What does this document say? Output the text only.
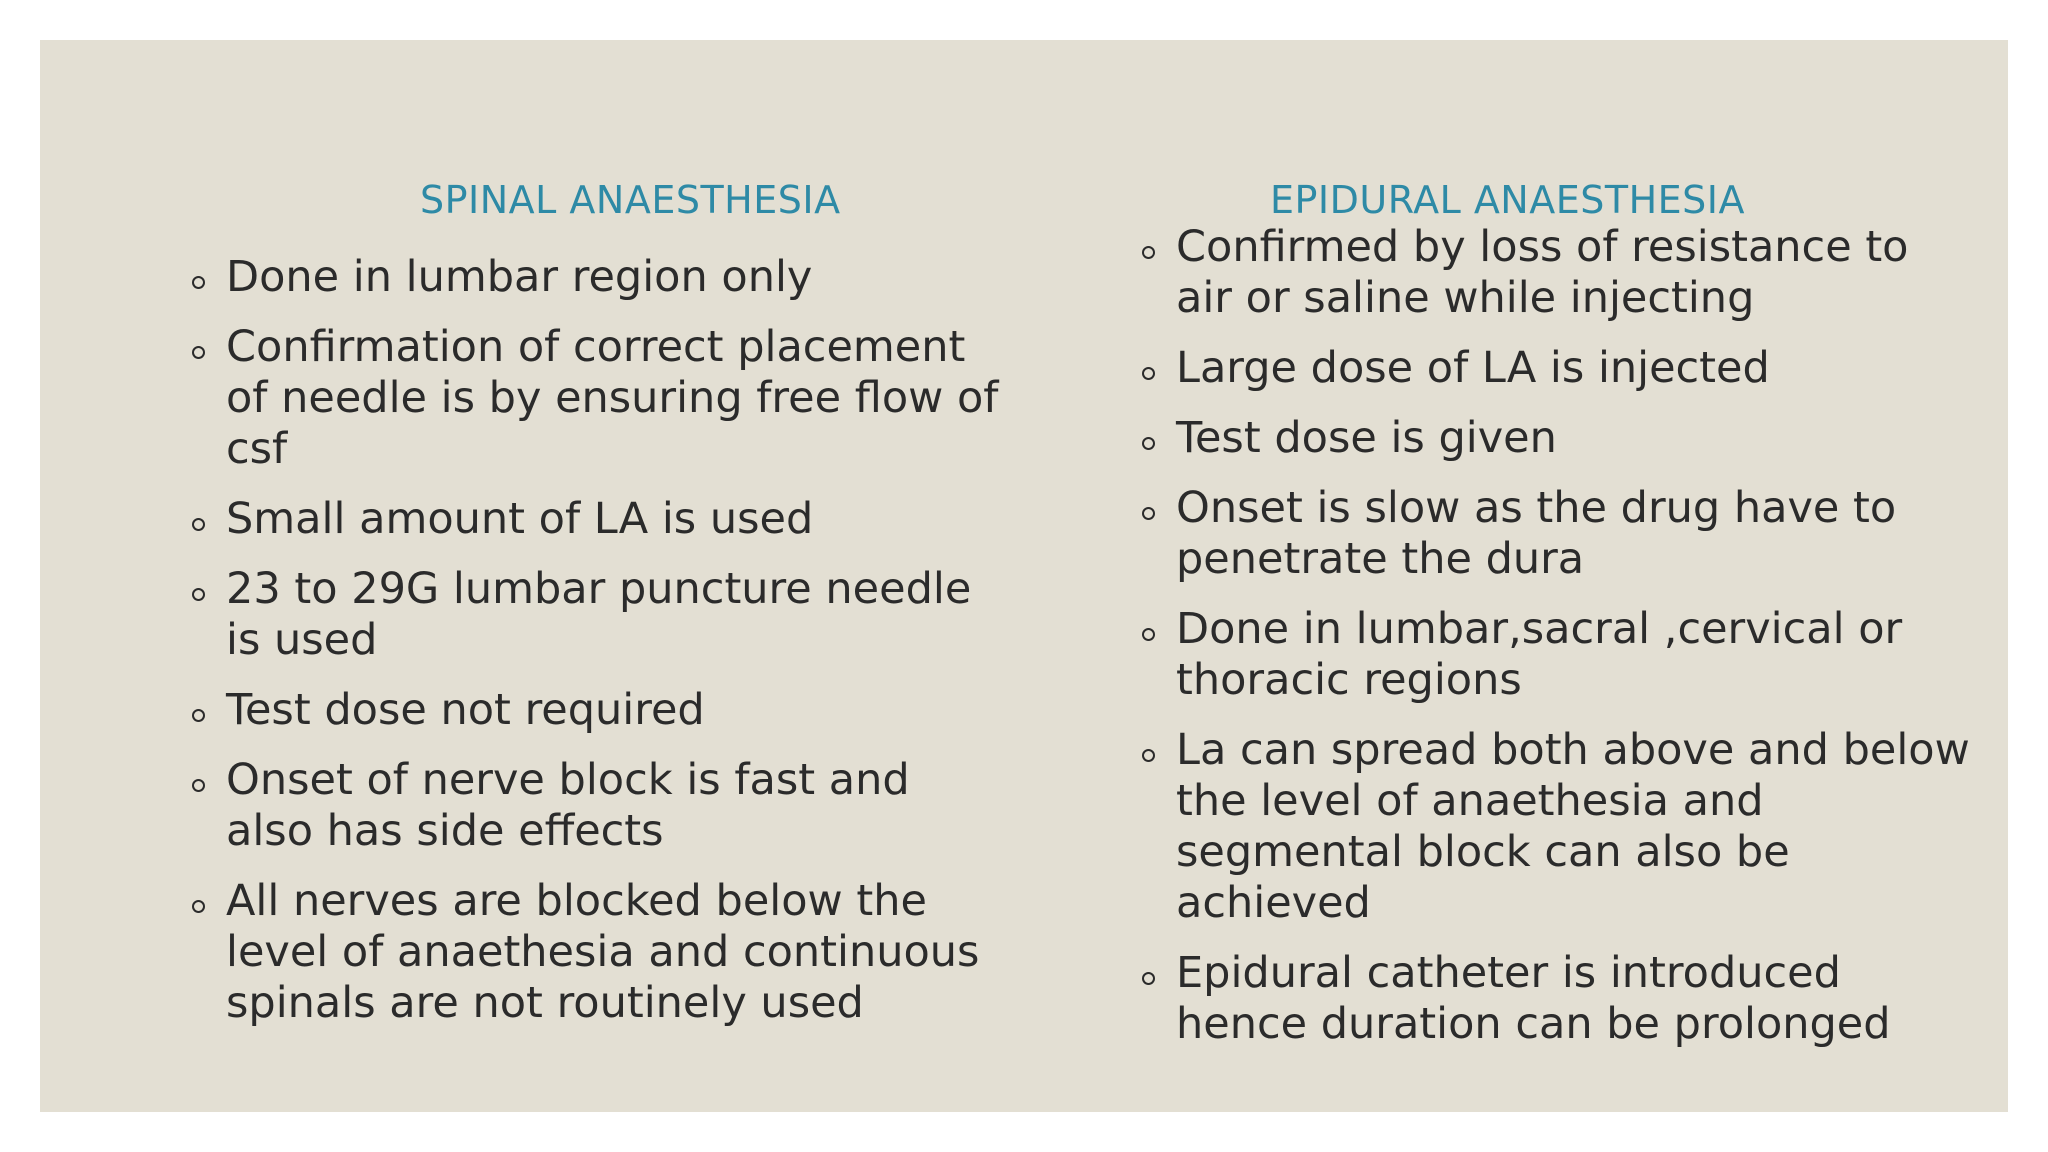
SPINAL ANAESTHESIA
Done in lumbar region only
Confirmation of correct placement of needle is by ensuring free flow of csf
Small amount of LA is used
23 to 29G lumbar puncture needle is used
Test dose not required
Onset of nerve block is fast and also has side effects
All nerves are blocked below the level of anaethesia and continuous spinals are not routinely used
EPIDURAL ANAESTHESIA
Confirmed by loss of resistance to air or saline while injecting
Large dose of LA is injected
Test dose is given
Onset is slow as the drug have to penetrate the dura
Done in lumbar,sacral ,cervical or thoracic regions
La can spread both above and below the level of anaethesia and segmental block can also be achieved
Epidural catheter is introduced hence duration can be prolonged
